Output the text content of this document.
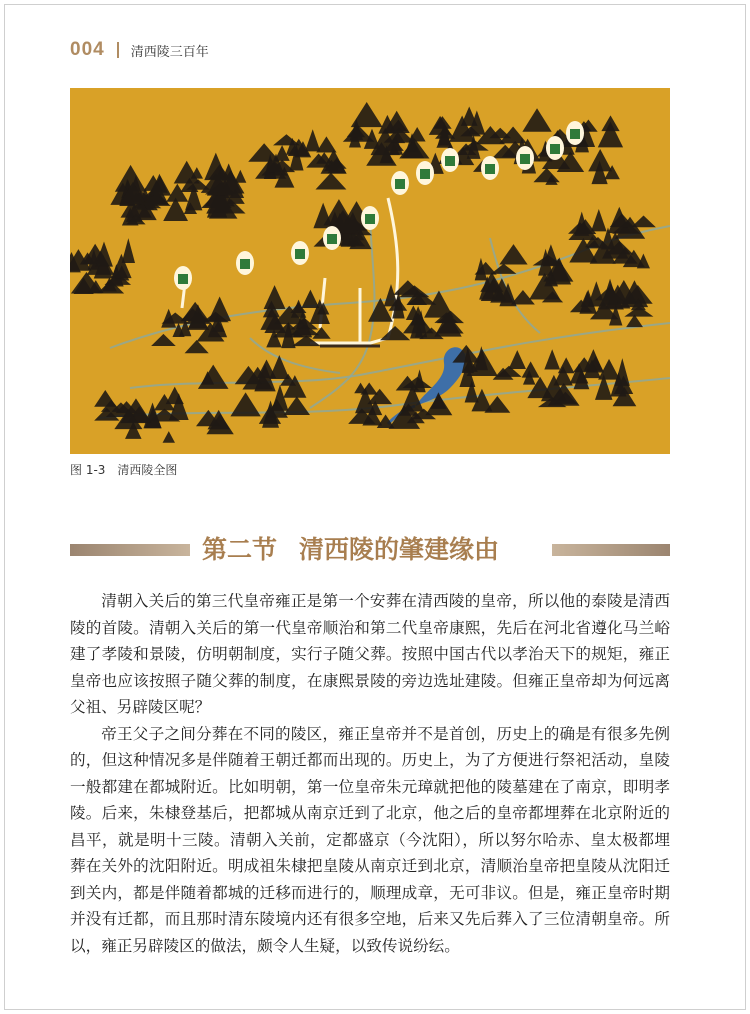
004 清西陵三百年
图 1-3 清西陵全图
第二节 清西陵的肇建缘由

清朝入关后的第三代皇帝雍正是第一个安葬在清西陵的皇帝，所以他的泰陵是清西陵的首陵。清朝入关后的第一代皇帝顺治和第二代皇帝康熙，先后在河北省遵化马兰峪建了孝陵和景陵，仿明朝制度，实行子随父葬。按照中国古代以孝治天下的规矩，雍正皇帝也应该按照子随父葬的制度，在康熙景陵的旁边选址建陵。但雍正皇帝却为何远离父祖、另辟陵区呢？

帝王父子之间分葬在不同的陵区，雍正皇帝并不是首创，历史上的确是有很多先例的，但这种情况多是伴随着王朝迁都而出现的。历史上，为了方便进行祭祀活动，皇陵一般都建在都城附近。比如明朝，第一位皇帝朱元璋就把他的陵墓建在了南京，即明孝陵。后来，朱棣登基后，把都城从南京迁到了北京，他之后的皇帝都埋葬在北京附近的昌平，就是明十三陵。清朝入关前，定都盛京（今沈阳），所以努尔哈赤、皇太极都埋葬在关外的沈阳附近。明成祖朱棣把皇陵从南京迁到北京，清顺治皇帝把皇陵从沈阳迁到关内，都是伴随着都城的迁移而进行的，顺理成章，无可非议。但是，雍正皇帝时期并没有迁都，而且那时清东陵境内还有很多空地，后来又先后葬入了三位清朝皇帝。所以，雍正另辟陵区的做法，颇令人生疑，以致传说纷纭。
